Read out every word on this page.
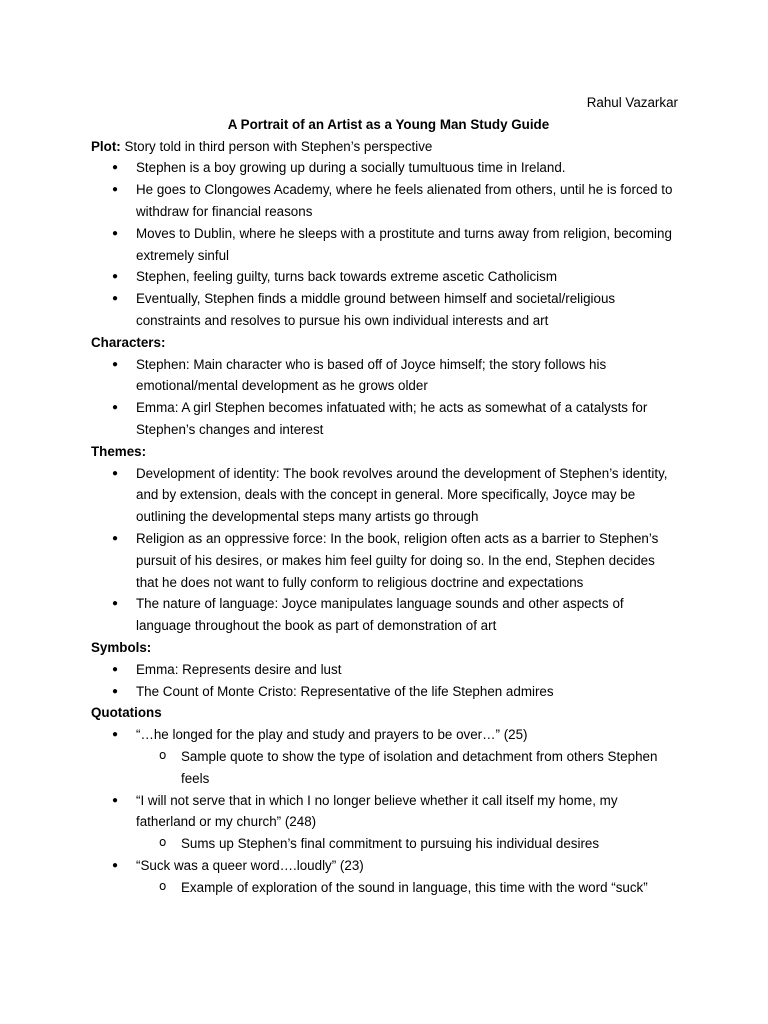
Rahul Vazarkar
A Portrait of an Artist as a Young Man Study Guide
Plot: Story told in third person with Stephen’s perspective
● Stephen is a boy growing up during a socially tumultuous time in Ireland.
● He goes to Clongowes Academy, where he feels alienated from others, until he is forced to withdraw for financial reasons
● Moves to Dublin, where he sleeps with a prostitute and turns away from religion, becoming extremely sinful
● Stephen, feeling guilty, turns back towards extreme ascetic Catholicism
● Eventually, Stephen finds a middle ground between himself and societal/religious constraints and resolves to pursue his own individual interests and art
Characters:
● Stephen: Main character who is based off of Joyce himself; the story follows his emotional/mental development as he grows older
● Emma: A girl Stephen becomes infatuated with; he acts as somewhat of a catalysts for Stephen’s changes and interest
Themes:
● Development of identity: The book revolves around the development of Stephen’s identity, and by extension, deals with the concept in general. More specifically, Joyce may be outlining the developmental steps many artists go through
● Religion as an oppressive force: In the book, religion often acts as a barrier to Stephen’s pursuit of his desires, or makes him feel guilty for doing so. In the end, Stephen decides that he does not want to fully conform to religious doctrine and expectations
● The nature of language: Joyce manipulates language sounds and other aspects of language throughout the book as part of demonstration of art
Symbols:
● Emma: Represents desire and lust
● The Count of Monte Cristo: Representative of the life Stephen admires
Quotations
● “…he longed for the play and study and prayers to be over…” (25)
o Sample quote to show the type of isolation and detachment from others Stephen feels
● “I will not serve that in which I no longer believe whether it call itself my home, my fatherland or my church” (248)
o Sums up Stephen’s final commitment to pursuing his individual desires
● “Suck was a queer word….loudly” (23)
o Example of exploration of the sound in language, this time with the word “suck”
